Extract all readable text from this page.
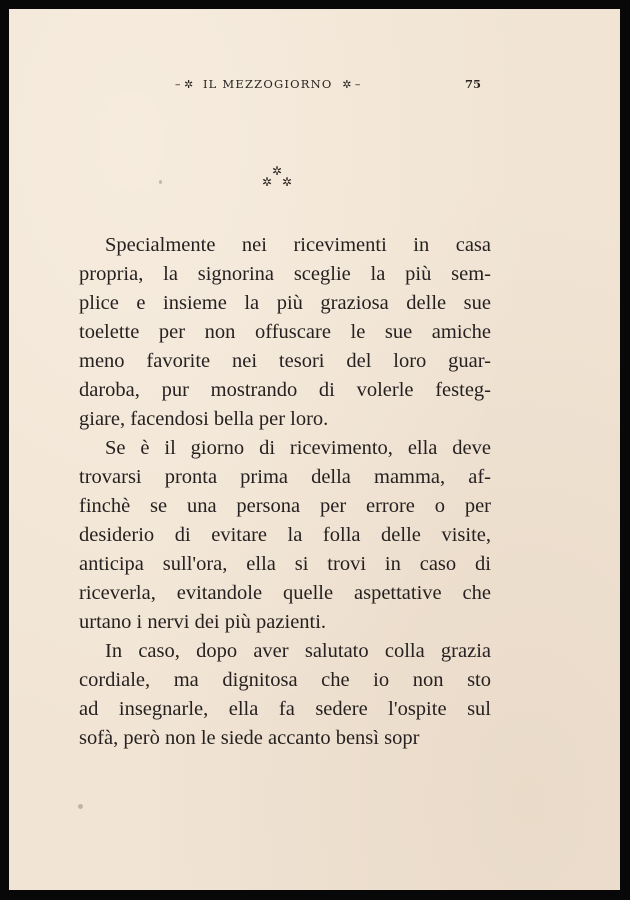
– ✲ IL MEZZOGIORNO ✲ –	75
✲
✲ ✲
Specialmente nei ricevimenti in casa
propria, la signorina sceglie la più sem-
plice e insieme la più graziosa delle sue
toelette per non offuscare le sue amiche
meno favorite nei tesori del loro guar-
daroba, pur mostrando di volerle festeg-
giare, facendosi bella per loro.
Se è il giorno di ricevimento, ella deve
trovarsi pronta prima della mamma, af-
finchè se una persona per errore o per
desiderio di evitare la folla delle visite,
anticipa sull'ora, ella si trovi in caso di
riceverla, evitandole quelle aspettative che
urtano i nervi dei più pazienti.
In caso, dopo aver salutato colla grazia
cordiale, ma dignitosa che io non sto
ad insegnarle, ella fa sedere l'ospite sul
sofà, però non le siede accanto bensì sopr
